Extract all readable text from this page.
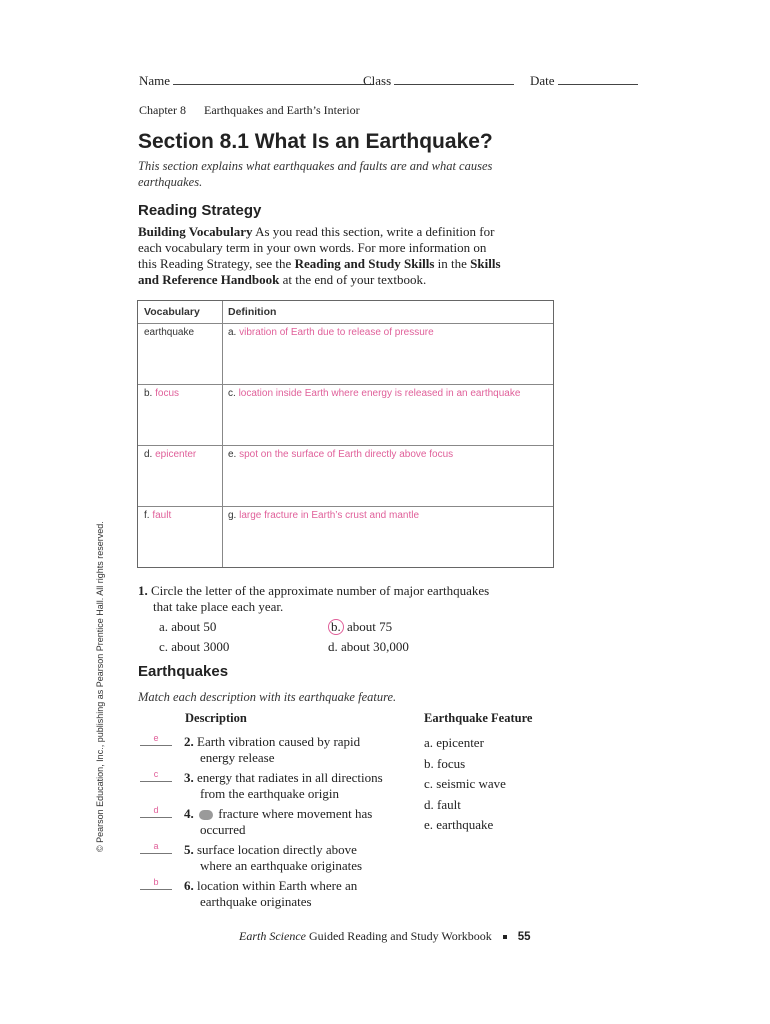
Name	Class	Date
Chapter 8 Earthquakes and Earth’s Interior
Section 8.1 What Is an Earthquake?
This section explains what earthquakes and faults are and what causes
earthquakes.
Reading Strategy
Building Vocabulary As you read this section, write a definition for
each vocabulary term in your own words. For more information on
this Reading Strategy, see the Reading and Study Skills in the Skills
and Reference Handbook at the end of your textbook.
Vocabulary	Definition
earthquake	a. vibration of Earth due to release of pressure
b. focus	c. location inside Earth where energy is released in an earthquake
d. epicenter	e. spot on the surface of Earth directly above focus
f. fault	g. large fracture in Earth’s crust and mantle
© Pearson Education, Inc., publishing as Pearson Prentice Hall. All rights reserved.	1. Circle the letter of the approximate number of major earthquakes
that take place each year.
a. about 50	b. about 75
c. about 3000	d. about 30,000
Earthquakes
Match each description with its earthquake feature.
Description	Earthquake Feature
e	2. Earth vibration caused by rapid
energy release
c	3. energy that radiates in all directions
from the earthquake origin
d	4. fracture where movement has
occurred
a	5. surface location directly above
where an earthquake originates
b	6. location within Earth where an
earthquake originates
a. epicenter
b. focus
c. seismic wave
d. fault
e. earthquake
Earth Science Guided Reading and Study Workbook 55
